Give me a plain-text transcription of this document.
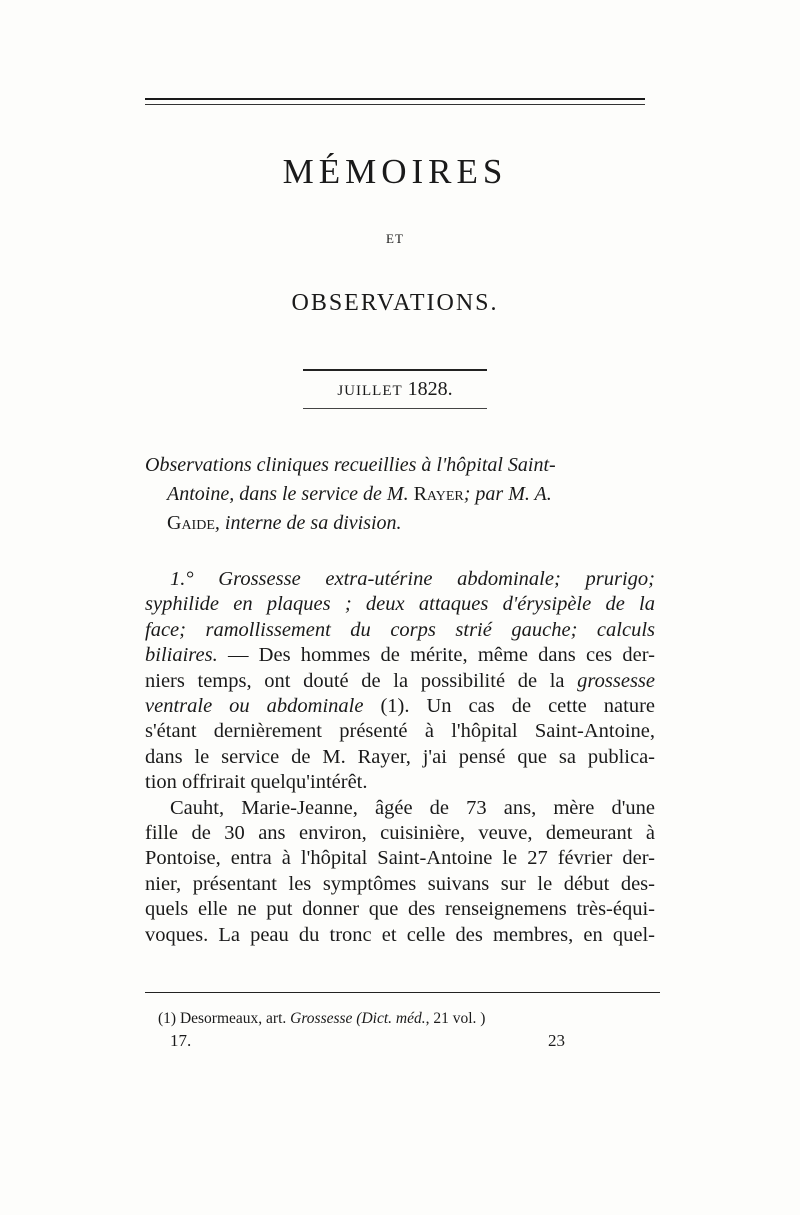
MÉMOIRES
ET
OBSERVATIONS.
JUILLET 1828.
Observations cliniques recueillies à l'hôpital Saint-
Antoine, dans le service de M. Rayer; par M. A.
Gaide, interne de sa division.
1.° Grossesse extra-utérine abdominale; prurigo;
syphilide en plaques ; deux attaques d'érysipèle de la
face; ramollissement du corps strié gauche; calculs
biliaires. — Des hommes de mérite, même dans ces der-
niers temps, ont douté de la possibilité de la grossesse
ventrale ou abdominale (1). Un cas de cette nature
s'étant dernièrement présenté à l'hôpital Saint-Antoine,
dans le service de M. Rayer, j'ai pensé que sa publica-
tion offrirait quelqu'intérêt.
Cauht, Marie-Jeanne, âgée de 73 ans, mère d'une
fille de 30 ans environ, cuisinière, veuve, demeurant à
Pontoise, entra à l'hôpital Saint-Antoine le 27 février der-
nier, présentant les symptômes suivans sur le début des-
quels elle ne put donner que des renseignemens très-équi-
voques. La peau du tronc et celle des membres, en quel-
(1) Desormeaux, art. Grossesse (Dict. méd., 21 vol. )
17.	23
